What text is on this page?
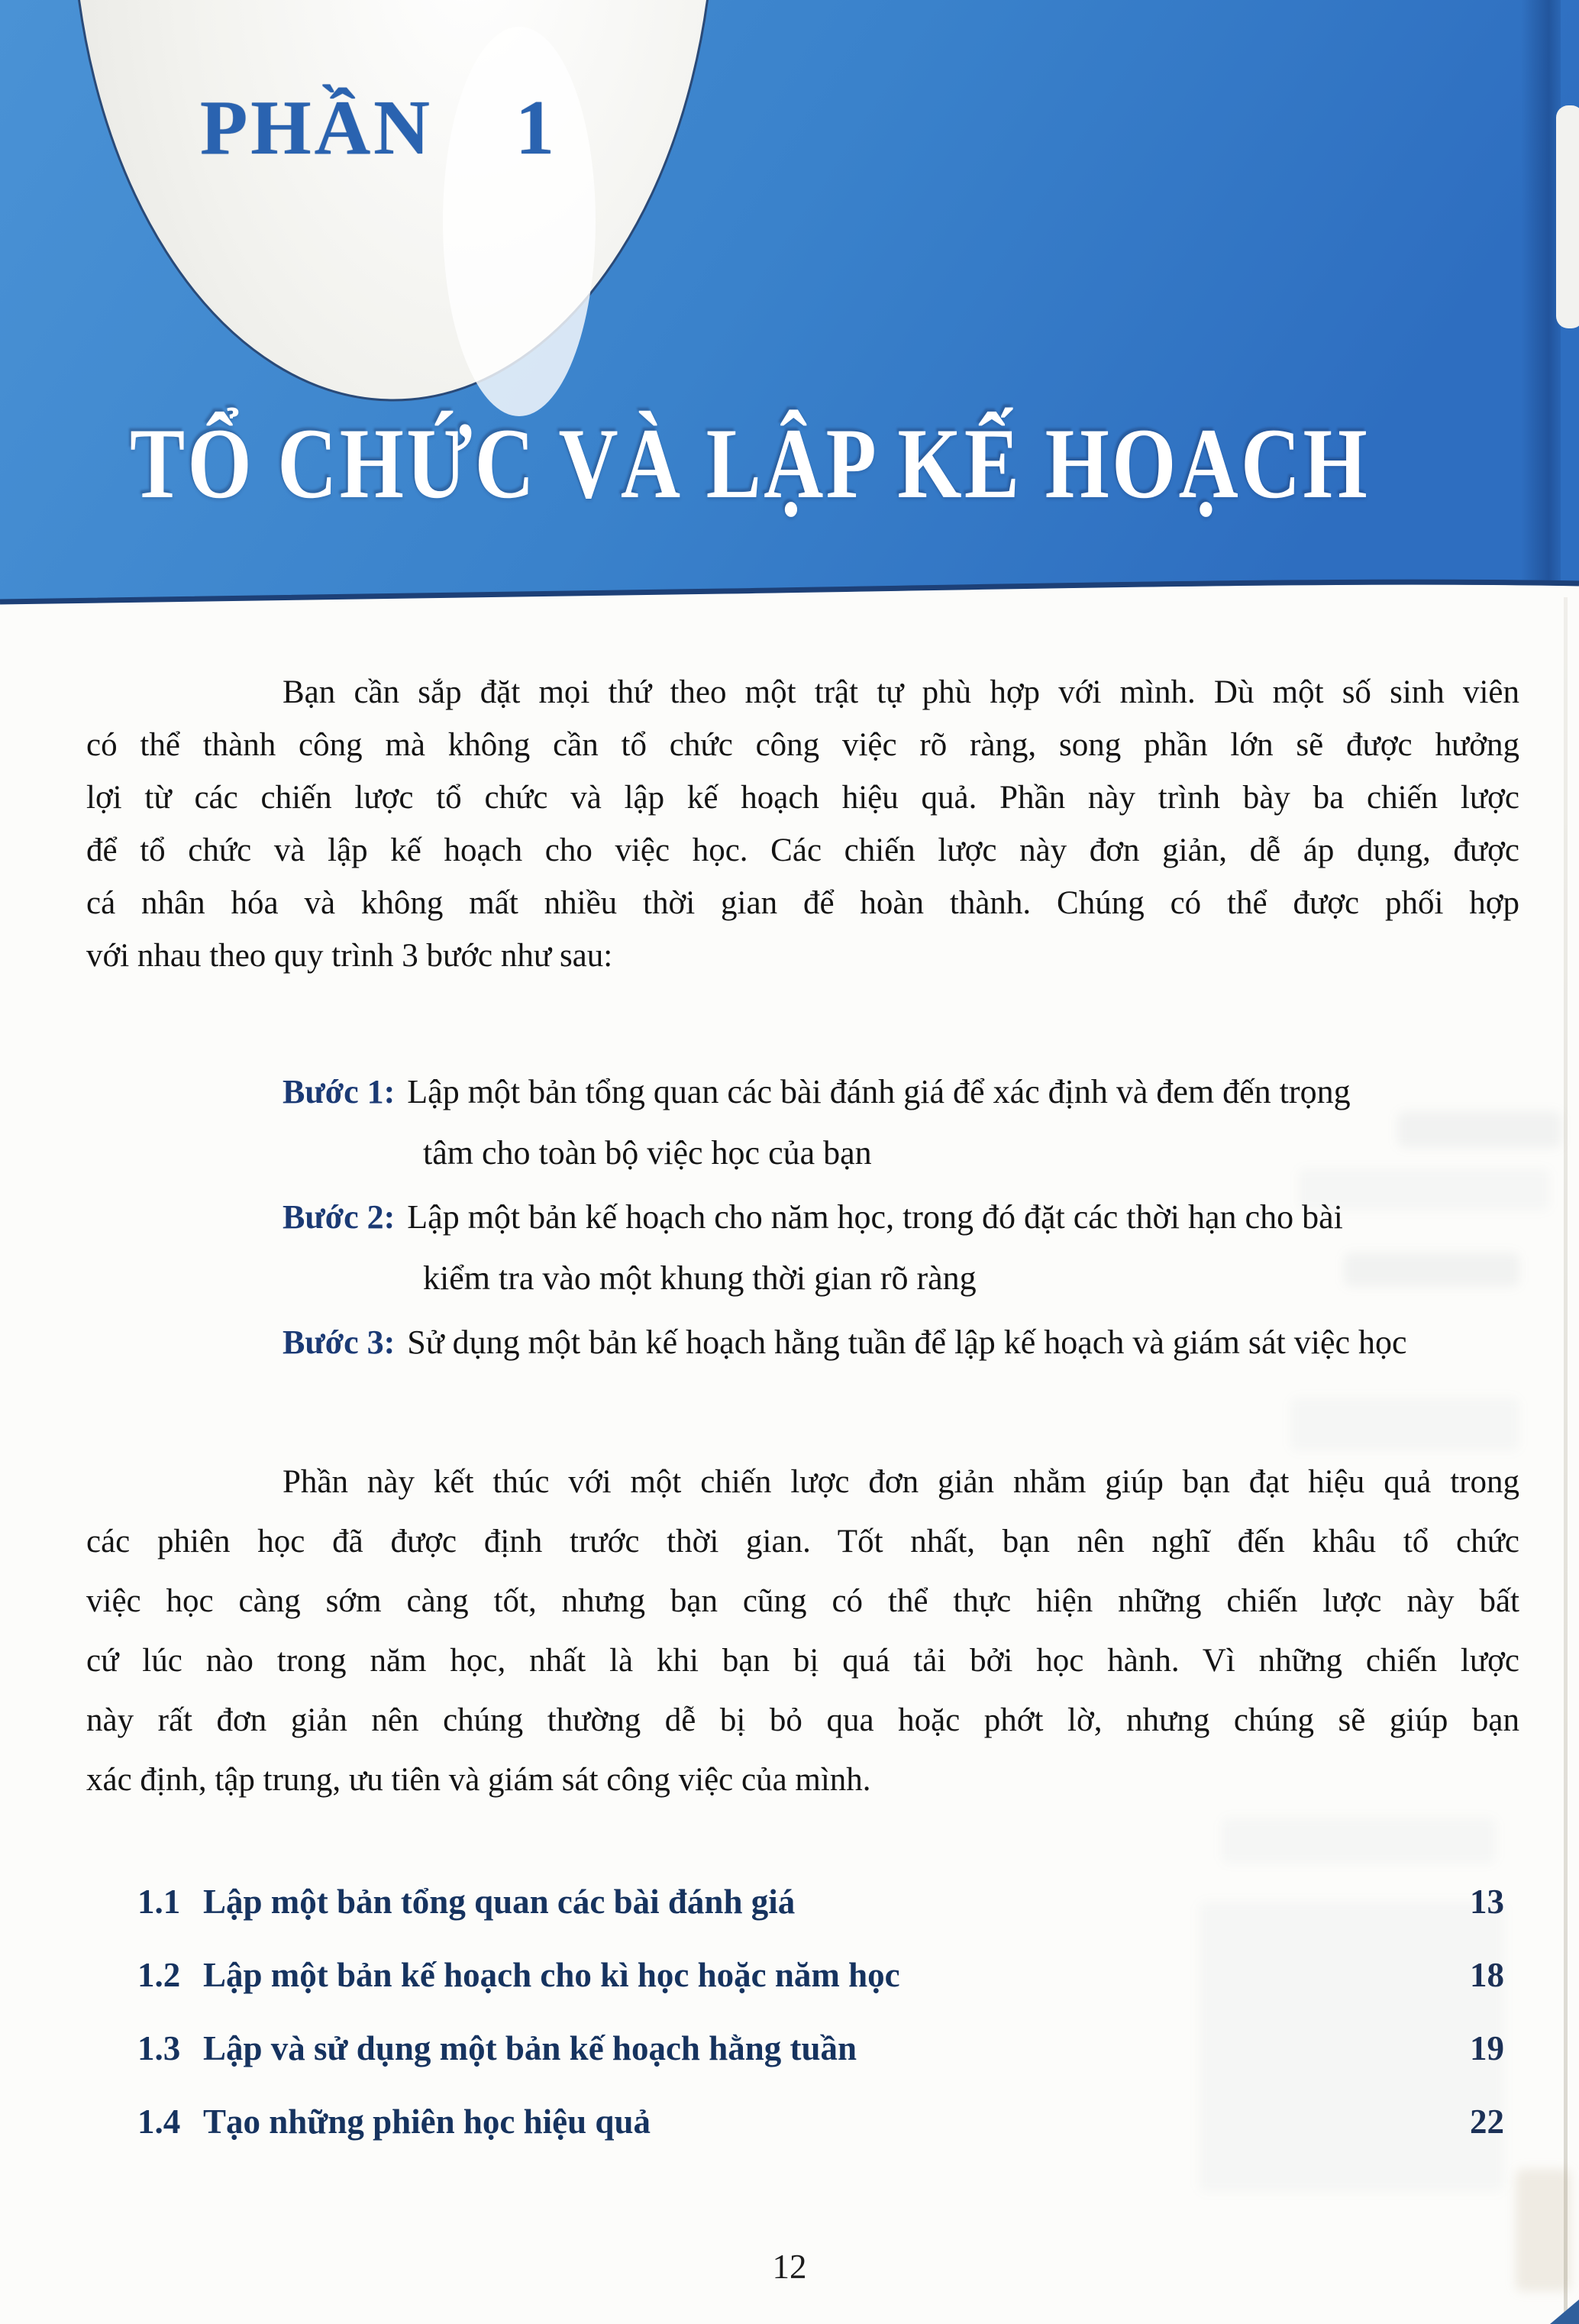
PHẦN 1
TỔ CHỨC VÀ LẬP KẾ HOẠCH
Bạn cần sắp đặt mọi thứ theo một trật tự phù hợp với mình. Dù một số sinh viên
có thể thành công mà không cần tổ chức công việc rõ ràng, song phần lớn sẽ được hưởng
lợi từ các chiến lược tổ chức và lập kế hoạch hiệu quả. Phần này trình bày ba chiến lược
để tổ chức và lập kế hoạch cho việc học. Các chiến lược này đơn giản, dễ áp dụng, được
cá nhân hóa và không mất nhiều thời gian để hoàn thành. Chúng có thể được phối hợp
với nhau theo quy trình 3 bước như sau:
Bước 1: Lập một bản tổng quan các bài đánh giá để xác định và đem đến trọng
tâm cho toàn bộ việc học của bạn
Bước 2: Lập một bản kế hoạch cho năm học, trong đó đặt các thời hạn cho bài
kiểm tra vào một khung thời gian rõ ràng
Bước 3: Sử dụng một bản kế hoạch hằng tuần để lập kế hoạch và giám sát việc học
Phần này kết thúc với một chiến lược đơn giản nhằm giúp bạn đạt hiệu quả trong
các phiên học đã được định trước thời gian. Tốt nhất, bạn nên nghĩ đến khâu tổ chức
việc học càng sớm càng tốt, nhưng bạn cũng có thể thực hiện những chiến lược này bất
cứ lúc nào trong năm học, nhất là khi bạn bị quá tải bởi học hành. Vì những chiến lược
này rất đơn giản nên chúng thường dễ bị bỏ qua hoặc phớt lờ, nhưng chúng sẽ giúp bạn
xác định, tập trung, ưu tiên và giám sát công việc của mình.
1.1 Lập một bản tổng quan các bài đánh giá	13
1.2 Lập một bản kế hoạch cho kì học hoặc năm học	18
1.3 Lập và sử dụng một bản kế hoạch hằng tuần	19
1.4 Tạo những phiên học hiệu quả	22
12
